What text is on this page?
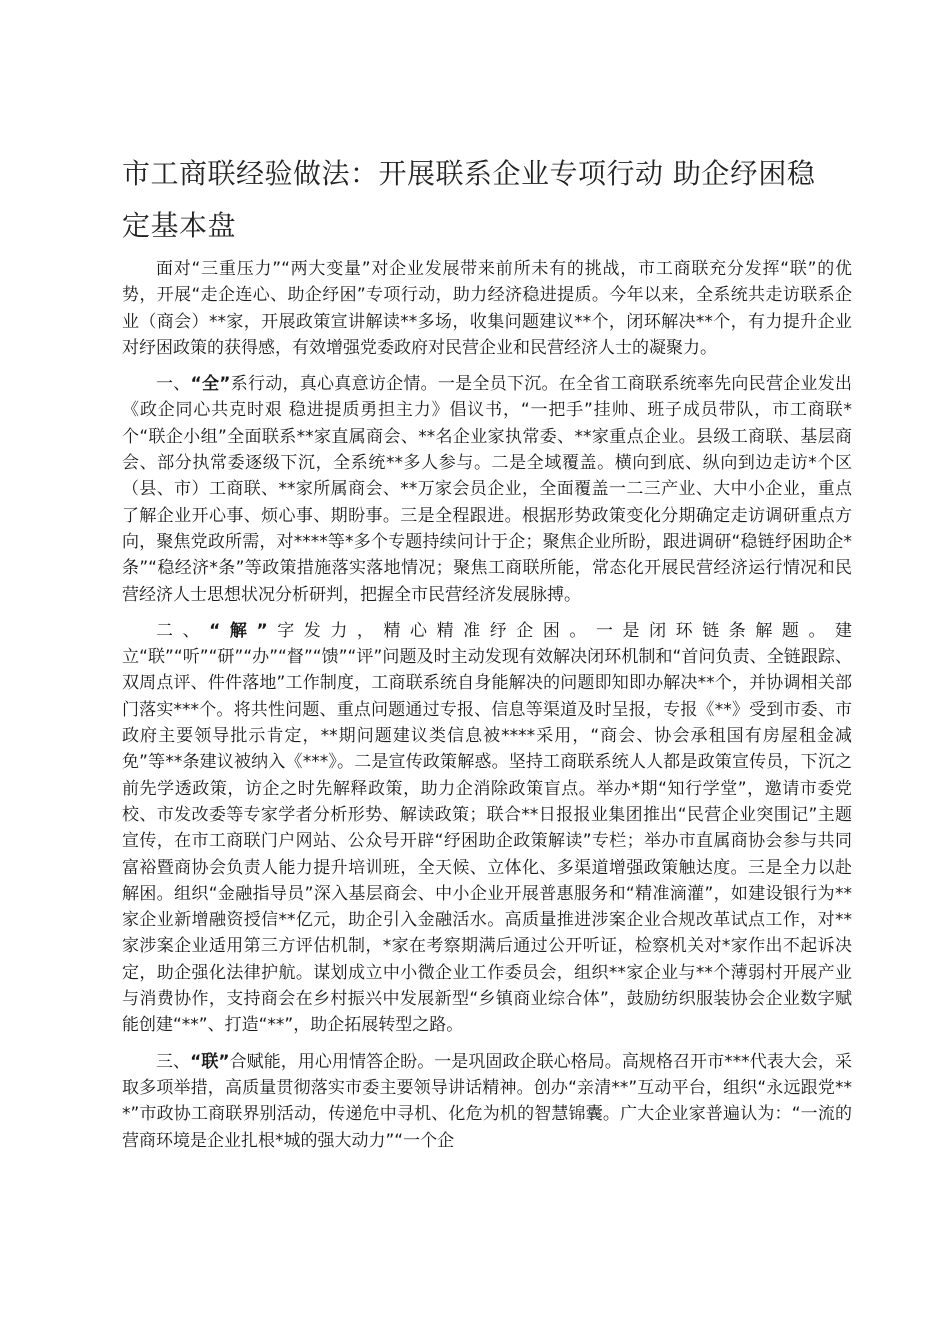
市工商联经验做法：开展联系企业专项行动 助企纾困稳定基本盘

面对“三重压力”“两大变量”对企业发展带来前所未有的挑战，市工商联充分发挥“联”的优势，开展“走企连心、助企纾困”专项行动，助力经济稳进提质。今年以来，全系统共走访联系企业（商会）**家，开展政策宣讲解读**多场，收集问题建议**个，闭环解决**个，有力提升企业对纾困政策的获得感，有效增强党委政府对民营企业和民营经济人士的凝聚力。

一、“全”系行动，真心真意访企情。一是全员下沉。在全省工商联系统率先向民营企业发出《政企同心共克时艰 稳进提质勇担主力》倡议书，“一把手”挂帅、班子成员带队，市工商联*个“联企小组”全面联系**家直属商会、**名企业家执常委、**家重点企业。县级工商联、基层商会、部分执常委逐级下沉，全系统**多人参与。二是全域覆盖。横向到底、纵向到边走访*个区（县、市）工商联、**家所属商会、**万家会员企业，全面覆盖一二三产业、大中小企业，重点了解企业开心事、烦心事、期盼事。三是全程跟进。根据形势政策变化分期确定走访调研重点方向，聚焦党政所需，对****等*多个专题持续问计于企；聚焦企业所盼，跟进调研“稳链纾困助企*条”“稳经济*条”等政策措施落实落地情况；聚焦工商联所能，常态化开展民营经济运行情况和民营经济人士思想状况分析研判，把握全市民营经济发展脉搏。

二、“解”字发力，精心精准纾企困。一是闭环链条解题。建立“联”“听”“研”“办”“督”“馈”“评”问题及时主动发现有效解决闭环机制和“首问负责、全链跟踪、双周点评、件件落地”工作制度，工商联系统自身能解决的问题即知即办解决**个，并协调相关部门落实***个。将共性问题、重点问题通过专报、信息等渠道及时呈报，专报《**》受到市委、市政府主要领导批示肯定，**期问题建议类信息被****采用，“商会、协会承租国有房屋租金减免”等**条建议被纳入《***》。二是宣传政策解惑。坚持工商联系统人人都是政策宣传员，下沉之前先学透政策，访企之时先解释政策，助力企消除政策盲点。举办*期“知行学堂”，邀请市委党校、市发改委等专家学者分析形势、解读政策；联合**日报报业集团推出“民营企业突围记”主题宣传，在市工商联门户网站、公众号开辟“纾困助企政策解读”专栏；举办市直属商协会参与共同富裕暨商协会负责人能力提升培训班，全天候、立体化、多渠道增强政策触达度。三是全力以赴解困。组织“金融指导员”深入基层商会、中小企业开展普惠服务和“精准滴灌”，如建设银行为**家企业新增融资授信**亿元，助企引入金融活水。高质量推进涉案企业合规改革试点工作，对**家涉案企业适用第三方评估机制，*家在考察期满后通过公开听证，检察机关对*家作出不起诉决定，助企强化法律护航。谋划成立中小微企业工作委员会，组织**家企业与**个薄弱村开展产业与消费协作，支持商会在乡村振兴中发展新型“乡镇商业综合体”，鼓励纺织服装协会企业数字赋能创建“**”、打造“**”，助企拓展转型之路。

三、“联”合赋能，用心用情答企盼。一是巩固政企联心格局。高规格召开市***代表大会，采取多项举措，高质量贯彻落实市委主要领导讲话精神。创办“亲清**”互动平台，组织“永远跟党***”市政协工商联界别活动，传递危中寻机、化危为机的智慧锦囊。广大企业家普遍认为：“一流的营商环境是企业扎根*城的强大动力”“一个企
